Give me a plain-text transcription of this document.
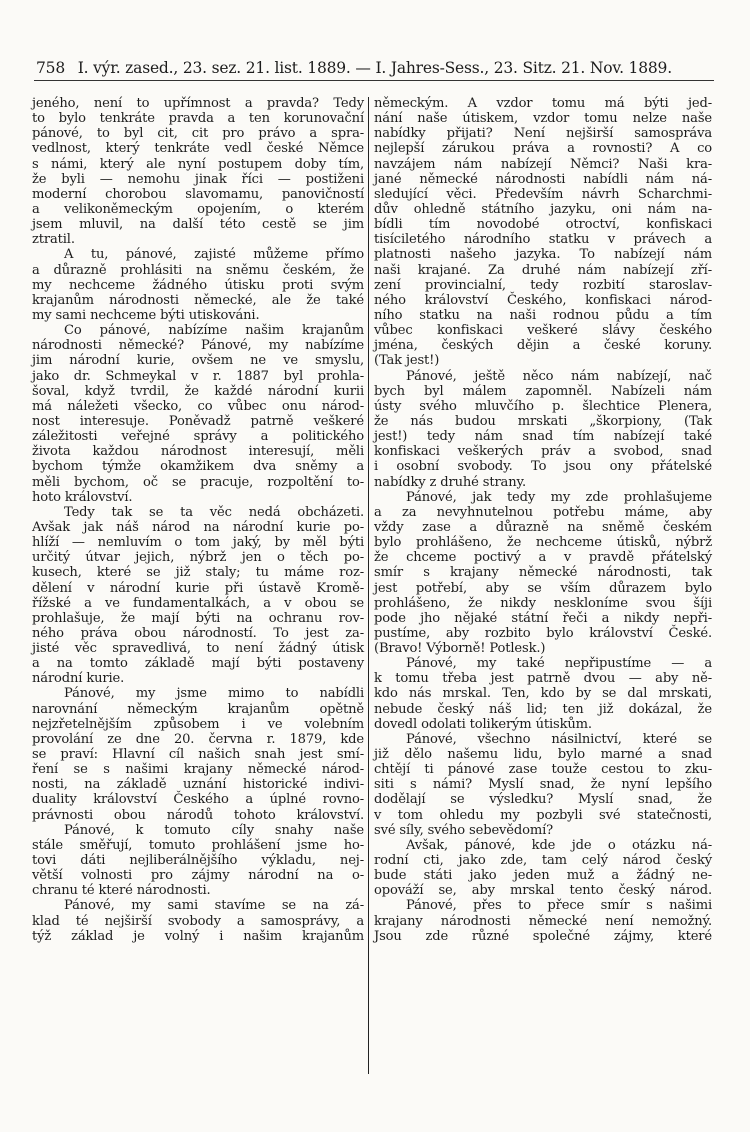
758 I. výr. zased., 23. sez. 21. list. 1889. — I. Jahres-Sess., 23. Sitz. 21. Nov. 1889.
jeného, není to upřímnost a pravda? Tedy
to bylo tenkráte pravda a ten korunovační
pánové, to byl cit, cit pro právo a spra-
vedlnost, který tenkráte vedl české Němce
s námi, který ale nyní postupem doby tím,
že byli — nemohu jinak říci — postiženi
moderní chorobou slavomamu, panovičností
a velikoněmeckým opojením, o kterém
jsem mluvil, na další této cestě se jim
ztratil.
A tu, pánové, zajisté můžeme přímo
a důrazně prohlásiti na sněmu českém, že
my nechceme žádného útisku proti svým
krajanům národnosti německé, ale že také
my sami nechceme býti utiskováni.
Co pánové, nabízíme našim krajanům
národnosti německé? Pánové, my nabízíme
jim národní kurie, ovšem ne ve smyslu,
jako dr. Schmeykal v r. 1887 byl prohla-
šoval, když tvrdil, že každé národní kurii
má náležeti všecko, co vůbec onu národ-
nost interesuje. Poněvadž patrně veškeré
záležitosti veřejné správy a politického
života každou národnost interesují, měli
bychom týmže okamžikem dva sněmy a
měli bychom, oč se pracuje, rozpoltění to-
hoto království.
Tedy tak se ta věc nedá obcházeti.
Avšak jak náš národ na národní kurie po-
hlíží — nemluvím o tom jaký, by měl býti
určitý útvar jejich, nýbrž jen o těch po-
kusech, které se již staly; tu máme roz-
dělení v národní kurie při ústavě Kromě-
řížské a ve fundamentalkách, a v obou se
prohlašuje, že mají býti na ochranu rov-
ného práva obou národností. To jest za-
jisté věc spravedlivá, to není žádný útisk
a na tomto základě mají býti postaveny
národní kurie.
Pánové, my jsme mimo to nabídli
narovnání německým krajanům opětně
nejzřetelnějším způsobem i ve volebním
provolání ze dne 20. června r. 1879, kde
se praví: Hlavní cíl našich snah jest smí-
ření se s našimi krajany německé národ-
nosti, na základě uznání historické indivi-
duality království Českého a úplné rovno-
právnosti obou národů tohoto království.
Pánové, k tomuto cíly snahy naše
stále směřují, tomuto prohlášení jsme ho-
tovi dáti nejliberálnějšího výkladu, nej-
větší volnosti pro zájmy národní na o-
chranu té které národnosti.
Pánové, my sami stavíme se na zá-
klad té nejširší svobody a samosprávy, a
týž základ je volný i našim krajanům
německým. A vzdor tomu má býti jed-
nání naše útiskem, vzdor tomu nelze naše
nabídky přijati? Není nejširší samospráva
nejlepší zárukou práva a rovnosti? A co
navzájem nám nabízejí Němci? Naši kra-
jané německé národnosti nabídli nám ná-
sledující věci. Především návrh Scharchmi-
dův ohledně státního jazyku, oni nám na-
bídli tím novodobé otroctví, konfiskaci
tisíciletého národního statku v právech a
platnosti našeho jazyka. To nabízejí nám
naši krajané. Za druhé nám nabízejí zří-
zení provincialní, tedy rozbití staroslav-
ného království Českého, konfiskaci národ-
ního statku na naši rodnou půdu a tím
vůbec konfiskaci veškeré slávy českého
jména, českých dějin a české koruny.
(Tak jest!)
Pánové, ještě něco nám nabízejí, nač
bych byl málem zapomněl. Nabízeli nám
ústy svého mluvčího p. šlechtice Plenera,
že nás budou mrskati „škorpiony, (Tak
jest!) tedy nám snad tím nabízejí také
konfiskaci veškerých práv a svobod, snad
i osobní svobody. To jsou ony přátelské
nabídky z druhé strany.
Pánové, jak tedy my zde prohlašujeme
a za nevyhnutelnou potřebu máme, aby
vždy zase a důrazně na sněmě českém
bylo prohlášeno, že nechceme útisků, nýbrž
že chceme poctivý a v pravdě přátelský
smír s krajany německé národnosti, tak
jest potřebí, aby se vším důrazem bylo
prohlášeno, že nikdy neskloníme svou šíji
pode jho nějaké státní řeči a nikdy nepři-
pustíme, aby rozbito bylo království České.
(Bravo! Výborně! Potlesk.)
Pánové, my také nepřipustíme — a
k tomu třeba jest patrně dvou — aby ně-
kdo nás mrskal. Ten, kdo by se dal mrskati,
nebude český náš lid; ten již dokázal, že
dovedl odolati tolikerým útiskům.
Pánové, všechno násilnictví, které se
již dělo našemu lidu, bylo marné a snad
chtějí ti pánové zase touže cestou to zku-
siti s námi? Myslí snad, že nyní lepšího
dodělají se výsledku? Myslí snad, že
v tom ohledu my pozbyli své statečnosti,
své síly, svého sebevědomí?
Avšak, pánové, kde jde o otázku ná-
rodní cti, jako zde, tam celý národ český
bude státi jako jeden muž a žádný ne-
opováží se, aby mrskal tento český národ.
Pánové, přes to přece smír s našimi
krajany národnosti německé není nemožný.
Jsou zde různé společné zájmy, které
